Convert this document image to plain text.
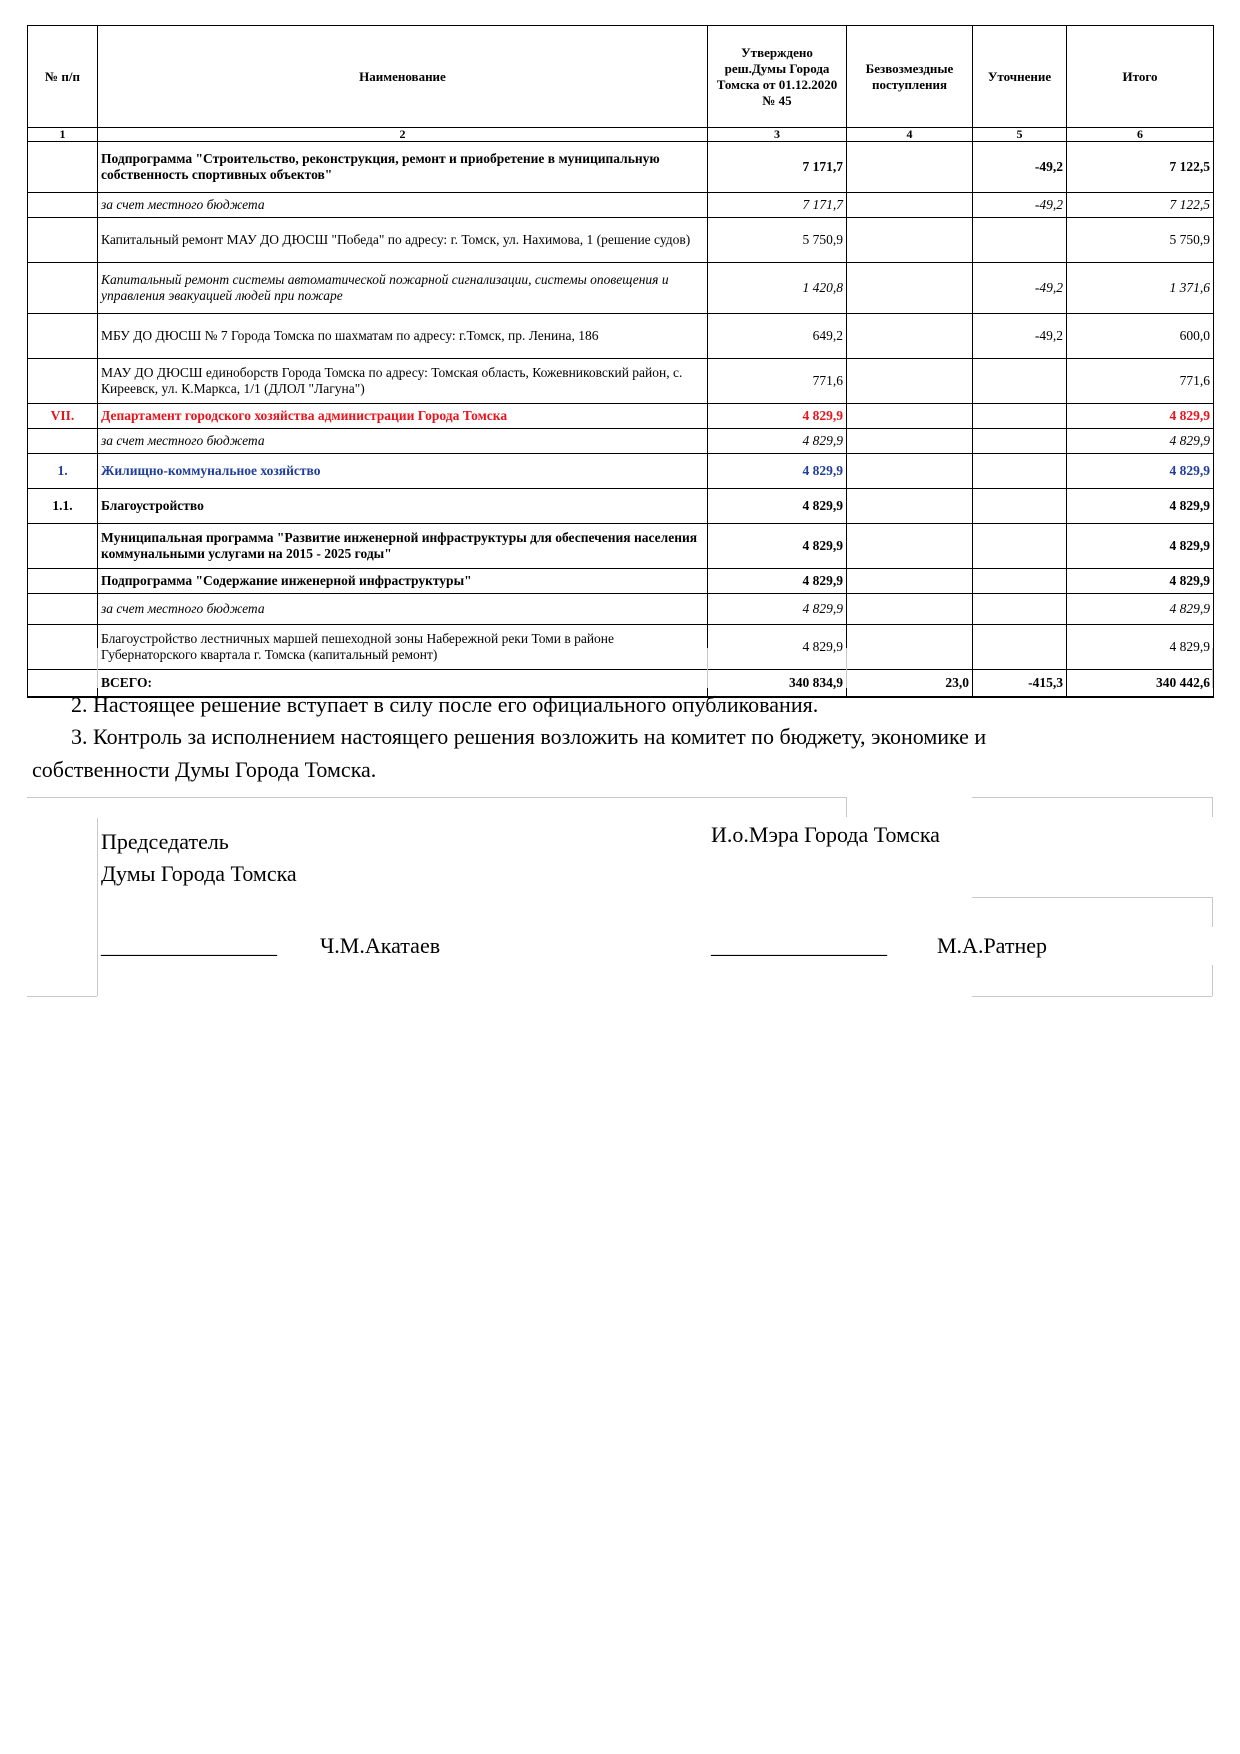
№ п/п	Наименование	Утверждено реш.Думы Города Томска от 01.12.2020 № 45	Безвозмездные поступления	Уточнение	Итого
1	2	3	4	5	6
	Подпрограмма "Строительство, реконструкция, ремонт и приобретение в муниципальную собственность спортивных объектов"	7 171,7		-49,2	7 122,5
	за счет местного бюджета	7 171,7		-49,2	7 122,5
	Капитальный ремонт МАУ ДО ДЮСШ "Победа" по адресу: г. Томск, ул. Нахимова, 1 (решение судов)	5 750,9			5 750,9
	Капитальный ремонт системы автоматической пожарной сигнализации, системы оповещения и управления эвакуацией людей при пожаре	1 420,8		-49,2	1 371,6
	МБУ ДО ДЮСШ № 7 Города Томска по шахматам по адресу: г.Томск, пр. Ленина, 186	649,2		-49,2	600,0
	МАУ ДО ДЮСШ единоборств Города Томска по адресу: Томская область, Кожевниковский район, с. Киреевск, ул. К.Маркса, 1/1 (ДЛОЛ "Лагуна")	771,6			771,6
VII.	Департамент городского хозяйства администрации Города Томска	4 829,9			4 829,9
	за счет местного бюджета	4 829,9			4 829,9
1.	Жилищно-коммунальное хозяйство	4 829,9			4 829,9
1.1.	Благоустройство	4 829,9			4 829,9
	Муниципальная программа "Развитие инженерной инфраструктуры для обеспечения населения коммунальными услугами на 2015 - 2025 годы"	4 829,9			4 829,9
	Подпрограмма "Содержание инженерной инфраструктуры"	4 829,9			4 829,9
	за счет местного бюджета	4 829,9			4 829,9
	Благоустройство лестничных маршей пешеходной зоны Набережной реки Томи в районе Губернаторского квартала г. Томска (капитальный ремонт)	4 829,9			4 829,9
	ВСЕГО:	340 834,9	23,0	-415,3	340 442,6

2. Настоящее решение вступает в силу после его официального опубликования.

3. Контроль за исполнением настоящего решения возложить на комитет по бюджету, экономике и

собственности Думы Города Томска.

Председатель
Думы Города Томска
И.о.Мэра Города Томска
________________ Ч.М.Акатаев	________________ М.А.Ратнер
